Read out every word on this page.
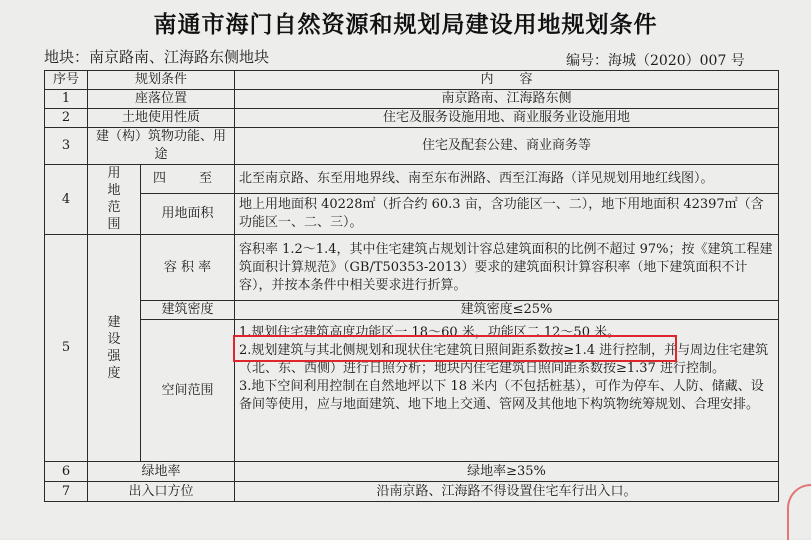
南通市海门自然资源和规划局建设用地规划条件
地块：南京路南、江海路东侧地块	编号：海城（2020）007 号
序号	规划条件		内　　容
1	座落位置		南京路南、江海路东侧
2	土地使用性质		住宅及服务设施用地、商业服务业设施用地
3	建（构）筑物功能、用途		住宅及配套公建、商业商务等
4	用地范围	四　至	北至南京路、东至用地界线、南至东布洲路、西至江海路（详见规划用地红线图）。
		用地面积	地上用地面积 40228㎡（折合约 60.3 亩，含功能区一、二），地下用地面积 42397㎡（含功能区一、二、三）。
5	建设强度	容 积 率	容积率 1.2～1.4，其中住宅建筑占规划计容总建筑面积的比例不超过 97%；按《建筑工程建筑面积计算规范》（GB/T50353-2013）要求的建筑面积计算容积率（地下建筑面积不计容），并按本条件中相关要求进行折算。
		建筑密度	建筑密度≤25%
		空间范围	1.规划住宅建筑高度功能区一 18～60 米，功能区二 12～50 米。
2.规划建筑与其北侧规划和现状住宅建筑日照间距系数按≥1.4 进行控制，并与周边住宅建筑（北、东、西侧）进行日照分析；地块内住宅建筑日照间距系数按≥1.37 进行控制。
3.地下空间利用控制在自然地坪以下 18 米内（不包括桩基），可作为停车、人防、储藏、设备间等使用，应与地面建筑、地下地上交通、管网及其他地下构筑物统筹规划、合理安排。

6	绿地率		绿地率≥35%
7	出入口方位		沿南京路、江海路不得设置住宅车行出入口。
